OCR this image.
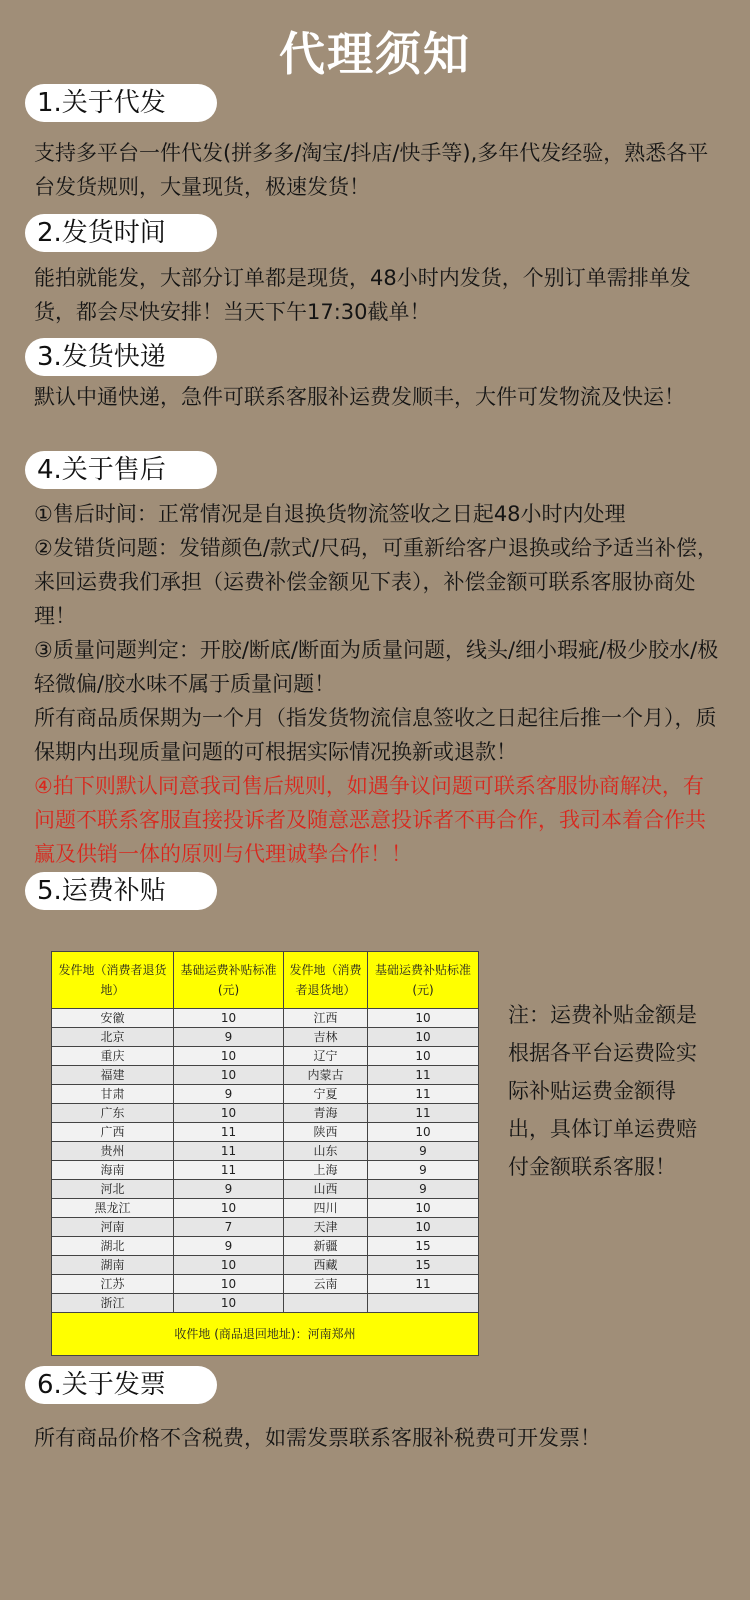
代理须知
1.关于代发
支持多平台一件代发(拼多多/淘宝/抖店/快手等),多年代发经验，熟悉各平台发货规则，大量现货，极速发货！
2.发货时间
能拍就能发，大部分订单都是现货，48小时内发货，个别订单需排单发货，都会尽快安排！当天下午17:30截单！
3.发货快递
默认中通快递，急件可联系客服补运费发顺丰，大件可发物流及快运！
4.关于售后

①售后时间：正常情况是自退换货物流签收之日起48小时内处理

②发错货问题：发错颜色/款式/尺码，可重新给客户退换或给予适当补偿，来回运费我们承担（运费补偿金额见下表），补偿金额可联系客服协商处理！

③质量问题判定：开胶/断底/断面为质量问题，线头/细小瑕疵/极少胶水/极轻微偏/胶水味不属于质量问题！

所有商品质保期为一个月（指发货物流信息签收之日起往后推一个月），质保期内出现质量问题的可根据实际情况换新或退款！

④拍下则默认同意我司售后规则，如遇争议问题可联系客服协商解决，有问题不联系客服直接投诉者及随意恶意投诉者不再合作，我司本着合作共赢及供销一体的原则与代理诚挚合作！！

5.运费补贴
发件地（消费者退货地）	基础运费补贴标准(元)	发件地（消费者退货地）	基础运费补贴标准(元)
安徽	10	江西	10
北京	9	吉林	10
重庆	10	辽宁	10
福建	10	内蒙古	11
甘肃	9	宁夏	11
广东	10	青海	11
广西	11	陕西	10
贵州	11	山东	9
海南	11	上海	9
河北	9	山西	9
黑龙江	10	四川	10
河南	7	天津	10
湖北	9	新疆	15
湖南	10	西藏	15
江苏	10	云南	11
浙江	10		
收件地 (商品退回地址)：河南郑州			
注：运费补贴金额是根据各平台运费险实际补贴运费金额得出，具体订单运费赔付金额联系客服！
6.关于发票
所有商品价格不含税费，如需发票联系客服补税费可开发票！
